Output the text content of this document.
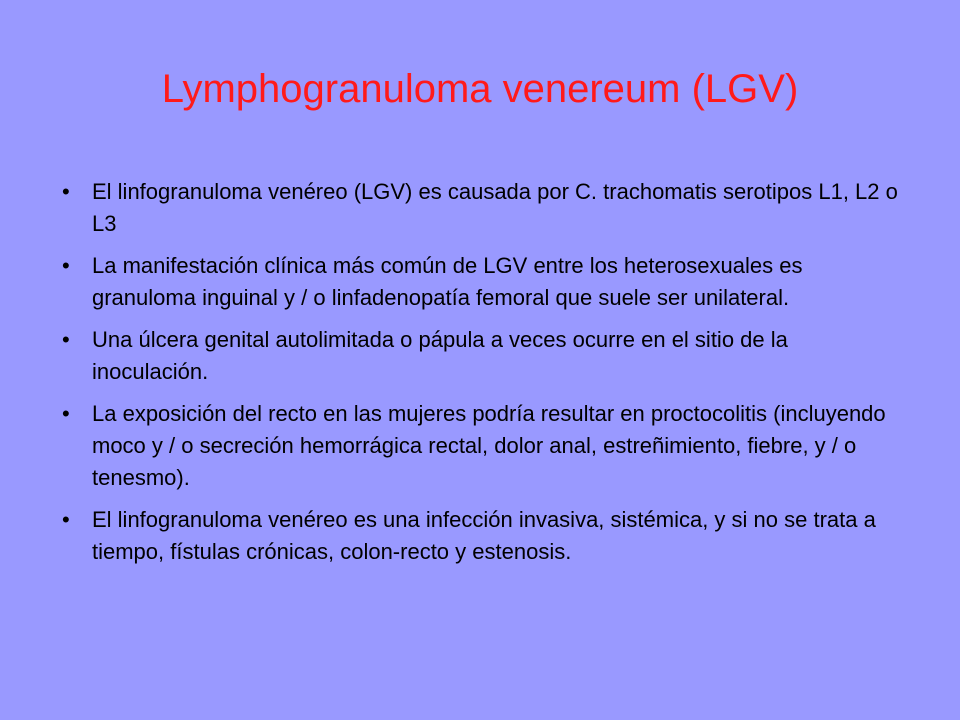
Lymphogranuloma venereum (LGV)
•	El linfogranuloma venéreo (LGV) es causada por C. trachomatis serotipos L1, L2 o L3
•	La manifestación clínica más común de LGV entre los heterosexuales es granuloma inguinal y / o linfadenopatía femoral que suele ser unilateral.
•	Una úlcera genital autolimitada o pápula a veces ocurre en el sitio de la inoculación.
•	La exposición del recto en las mujeres podría resultar en proctocolitis (incluyendo moco y / o secreción hemorrágica rectal, dolor anal, estreñimiento, fiebre, y / o tenesmo).
•	El linfogranuloma venéreo es una infección invasiva, sistémica, y si no se trata a tiempo, fístulas crónicas, colon-recto y estenosis.
